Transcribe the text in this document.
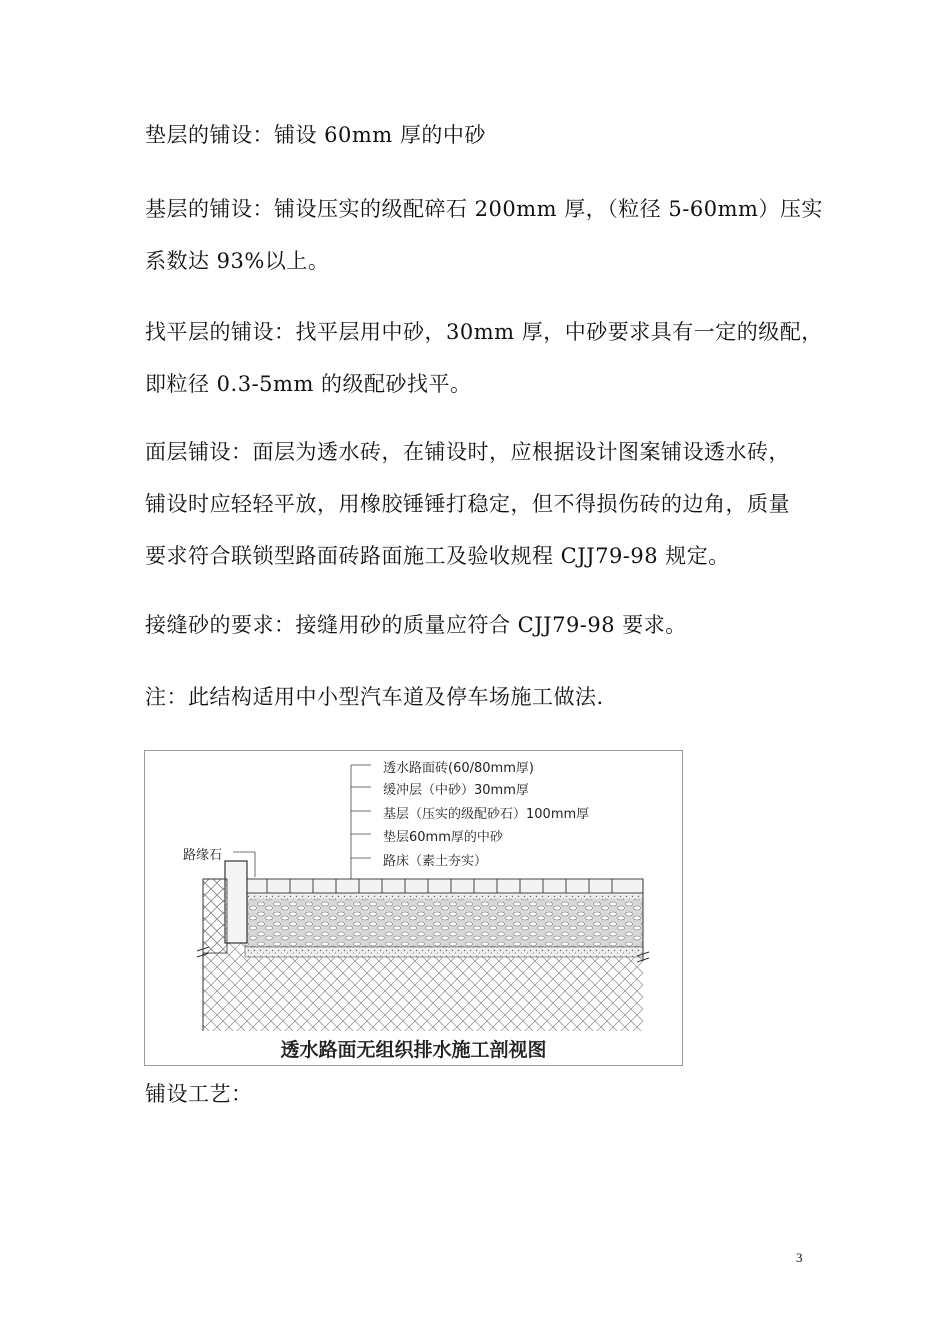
垫层的铺设：铺设 60mm 厚的中砂
基层的铺设：铺设压实的级配碎石 200mm 厚，（粒径 5-60mm）压实
系数达 93%以上。
找平层的铺设：找平层用中砂，30mm 厚，中砂要求具有一定的级配，
即粒径 0.3-5mm 的级配砂找平。
面层铺设：面层为透水砖，在铺设时，应根据设计图案铺设透水砖，
铺设时应轻轻平放，用橡胶锤锤打稳定，但不得损伤砖的边角，质量
要求符合联锁型路面砖路面施工及验收规程 CJJ79-98 规定。
接缝砂的要求：接缝用砂的质量应符合 CJJ79-98 要求。
注：此结构适用中小型汽车道及停车场施工做法.
透水路面砖(60/80mm厚)
缓冲层（中砂）30mm厚
基层（压实的级配砂石）100mm厚
垫层60mm厚的中砂
路床（素土夯实）
路缘石
透水路面无组织排水施工剖视图
铺设工艺：
3
